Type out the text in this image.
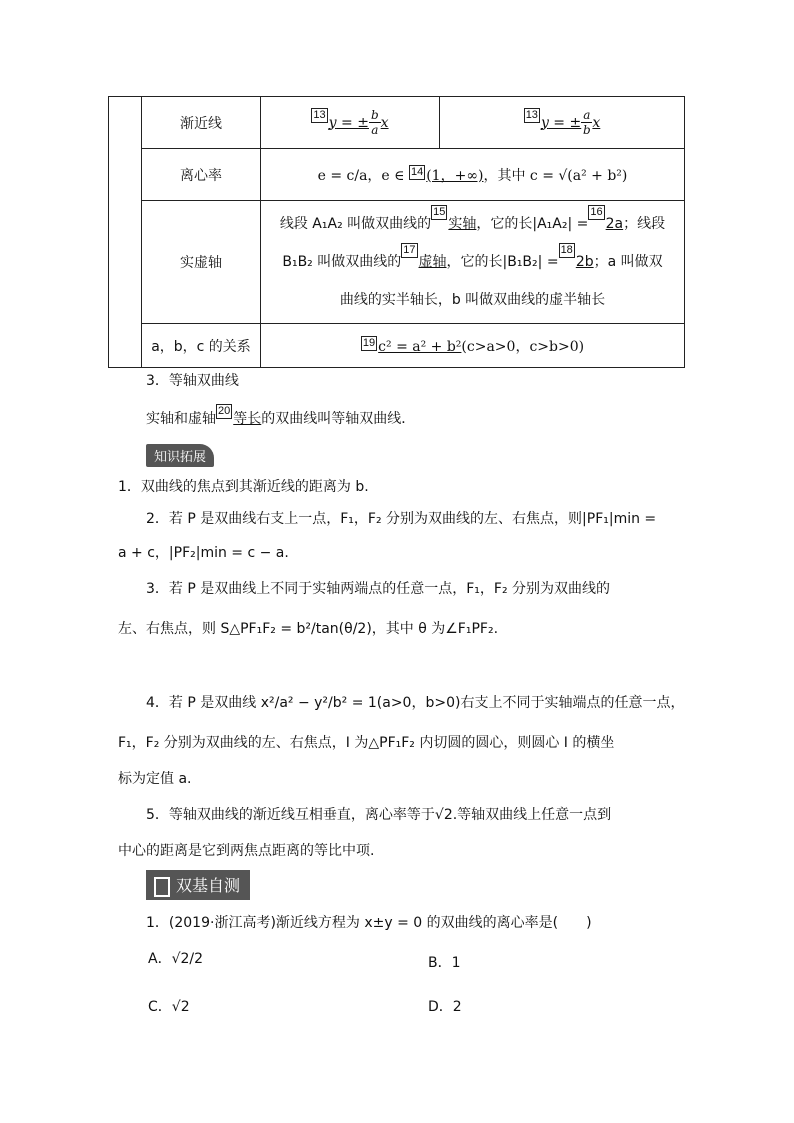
	渐近线	13 y = ± $\frac{b}{a}$ x	13 y = ± $\frac{a}{b}$ x
	离心率	e = c/a，e ∈ 14 (1，+∞)，其中 c = √(a² + b²)	
	实虚轴	线段 A₁A₂ 叫做双曲线的15实轴，它的长|A₁A₂| =162a；线段
B₁B₂ 叫做双曲线的17虚轴，它的长|B₁B₂| =182b；a 叫做双
曲线的实半轴长，b 叫做双曲线的虚半轴长	

	a，b，c 的关系	19 c² = a² + b²(c>a>0，c>b>0)	
3．等轴双曲线
实轴和虚轴 20 等长的双曲线叫等轴双曲线．
知识拓展
1．双曲线的焦点到其渐近线的距离为 b.
2．若 P 是双曲线右支上一点，F₁，F₂ 分别为双曲线的左、右焦点，则|PF₁|min =
a + c，|PF₂|min = c − a.
3．若 P 是双曲线上不同于实轴两端点的任意一点，F₁，F₂ 分别为双曲线的
左、右焦点，则 S△PF₁F₂ = b²/tan(θ/2)，其中 θ 为∠F₁PF₂.
4．若 P 是双曲线 x²/a² − y²/b² = 1(a>0，b>0)右支上不同于实轴端点的任意一点，
F₁，F₂ 分别为双曲线的左、右焦点，I 为△PF₁F₂ 内切圆的圆心，则圆心 I 的横坐
标为定值 a.
5．等轴双曲线的渐近线互相垂直，离心率等于√2.等轴双曲线上任意一点到
中心的距离是它到两焦点距离的等比中项.
双基自测
1．(2019·浙江高考)渐近线方程为 x±y = 0 的双曲线的离心率是(　　)
A．√2/2	B．1
C．√2	D．2
